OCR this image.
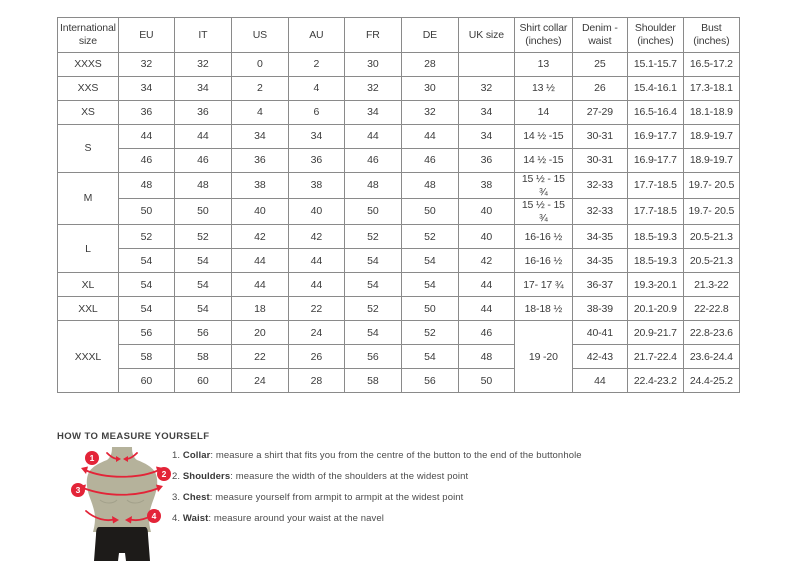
International size	EU	IT	US	AU	FR	DE	UK size	Shirt collar (inches)	Denim - waist	Shoulder (inches)	Bust (inches)
XXXS	32	32	0	2	30	28		13	25	15.1-15.7	16.5-17.2
XXS	34	34	2	4	32	30	32	13 ½	26	15.4-16.1	17.3-18.1
XS	36	36	4	6	34	32	34	14	27-29	16.5-16.4	18.1-18.9
S	44	44	34	34	44	44	34	14 ½ -15	30-31	16.9-17.7	18.9-19.7
	46	46	36	36	46	46	36	14 ½ -15	30-31	16.9-17.7	18.9-19.7
M	48	48	38	38	48	48	38	15 ½ - 15 ¾	32-33	17.7-18.5	19.7- 20.5
	50	50	40	40	50	50	40	15 ½ - 15 ¾	32-33	17.7-18.5	19.7- 20.5
L	52	52	42	42	52	52	40	16-16 ½	34-35	18.5-19.3	20.5-21.3
	54	54	44	44	54	54	42	16-16 ½	34-35	18.5-19.3	20.5-21.3
XL	54	54	44	44	54	54	44	17- 17 ¾	36-37	19.3-20.1	21.3-22
XXL	54	54	18	22	52	50	44	18-18 ½	38-39	20.1-20.9	22-22.8
XXXL	56	56	20	24	54	52	46	19 -20	40-41	20.9-21.7	22.8-23.6
	58	58	22	26	56	54	48		42-43	21.7-22.4	23.6-24.4
	60	60	24	28	58	56	50		44	22.4-23.2	24.4-25.2
HOW TO MEASURE YOURSELF
1. Collar: measure a shirt that fits you from the centre of the button to the end of the buttonhole
2. Shoulders: measure the width of the shoulders at the widest point
3. Chest: measure yourself from armpit to armpit at the widest point
4. Waist: measure around your waist at the navel
1
2
3
4
